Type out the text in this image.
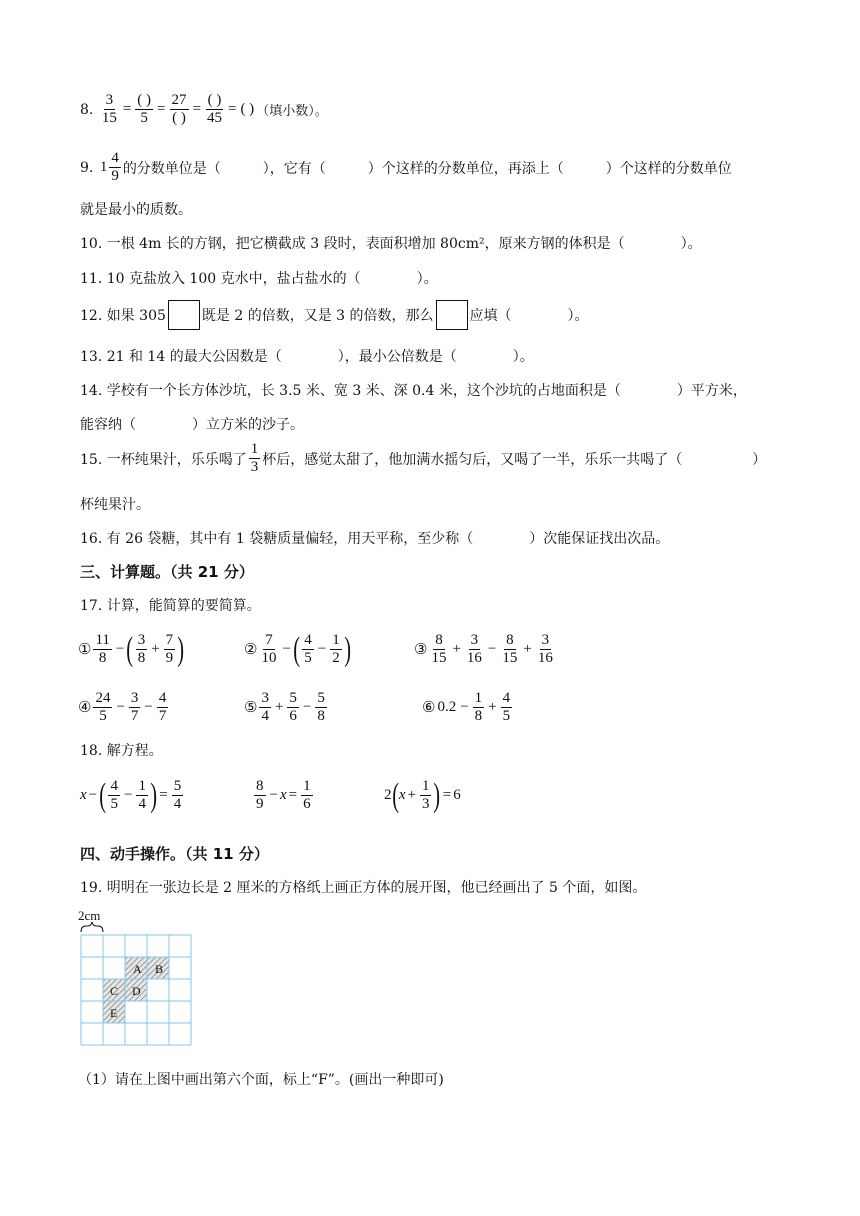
8.
$\frac{3}{15} = \frac{( )}{5} = \frac{27}{( )} = \frac{( )}{45}$ = ( ) （填小数）。
9.
$1 \frac{4}{9}$ 的分数单位是（　　　），它有（　　　）个这样的分数单位，再添上（　　　）个这样的分数单位
就是最小的质数。
10. 一根 4m 长的方钢，把它横截成 3 段时，表面积增加 80cm²，原来方钢的体积是（　　　　）。
11. 10 克盐放入 100 克水中，盐占盐水的（　　　　）。
12. 如果 305	既是 2 的倍数，又是 3 的倍数，那么	应填（　　　　）。
13. 21 和 14 的最大公因数是（　　　　），最小公倍数是（　　　　）。
14. 学校有一个长方体沙坑，长 3.5 米、宽 3 米、深 0.4 米，这个沙坑的占地面积是（　　　　）平方米，
能容纳（　　　　）立方米的沙子。
15. 一杯纯果汁，乐乐喝了 $\frac{1}{3}$ 杯后，感觉太甜了，他加满水摇匀后，又喝了一半，乐乐一共喝了（　　　　　）
杯纯果汁。
16. 有 26 袋糖，其中有 1 袋糖质量偏轻，用天平称，至少称（　　　　）次能保证找出次品。
三、计算题。（共 21 分）
17. 计算，能简算的要简算。
① $\frac{11}{8}$ − ( $\frac{3}{8} + \frac{7}{9}$ )	② $\frac{7}{10}$ − ( $\frac{4}{5} - \frac{1}{2}$ )	③ $\frac{8}{15} + \frac{3}{16} - \frac{8}{15} + \frac{3}{16}$
④ $\frac{24}{5} - \frac{3}{7} - \frac{4}{7}$	⑤ $\frac{3}{4} + \frac{5}{6} - \frac{5}{8}$	⑥ $0.2 - \frac{1}{8} + \frac{4}{5}$
18. 解方程。
x − ( $\frac{4}{5} - \frac{1}{4}$ ) = $\frac{5}{4}$	$\frac{8}{9} - x = \frac{1}{6}$	2 ( $x + \frac{1}{3}$ ) = 6
四、动手操作。（共 11 分）
19. 明明在一张边长是 2 厘米的方格纸上画正方体的展开图，他已经画出了 5 个面，如图。
2cm
A B
C D
E
（1）请在上图中画出第六个面，标上“F”。(画出一种即可)
